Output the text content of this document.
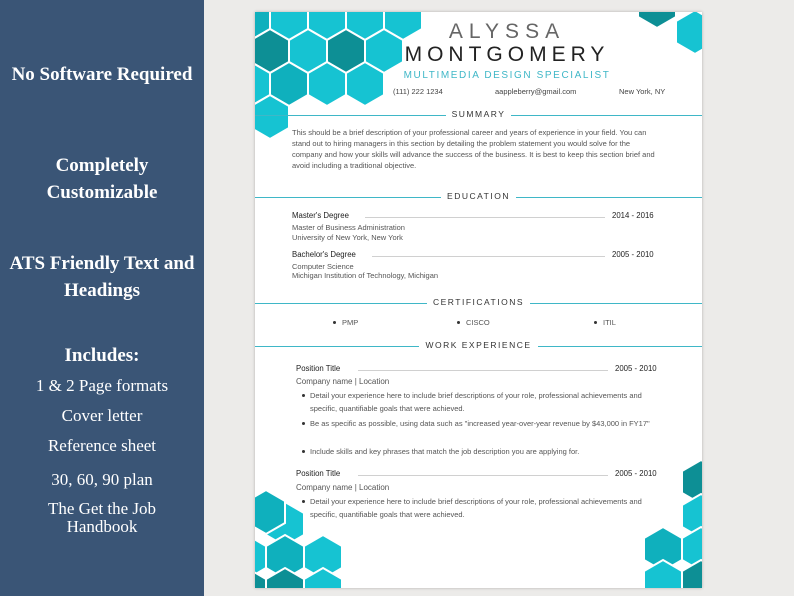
No Software Required
Completely Customizable
ATS Friendly Text and Headings
Includes:
1 & 2 Page formats
Cover letter
Reference sheet
30, 60, 90 plan
The Get the Job Handbook
ALYSSA
MONTGOMERY
MULTIMEDIA DESIGN SPECIALIST
(111) 222 1234	aappleberry@gmail.com	New York, NY
SUMMARY
This should be a brief description of your professional career and years of experience in your field. You can stand out to hiring managers in this section by detailing the problem statement you would solve for the company and how your skills will advance the success of the business. It is best to keep this section brief and avoid including a traditional objective.
EDUCATION
Master's Degree	2014 - 2016
Master of Business Administration
University of New York, New York
Bachelor's Degree	2005 - 2010
Computer Science
Michigan Institution of Technology, Michigan
CERTIFICATIONS
PMP	CISCO	ITIL
WORK EXPERIENCE
Position Title	2005 - 2010
Company name | Location
Detail your experience here to include brief descriptions of your role, professional achievements and specific, quantifiable goals that were achieved.
Be as specific as possible, using data such as "increased year-over-year revenue by $43,000 in FY17"
Include skills and key phrases that match the job description you are applying for.
Position Title	2005 - 2010
Company name | Location
Detail your experience here to include brief descriptions of your role, professional achievements and specific, quantifiable goals that were achieved.
